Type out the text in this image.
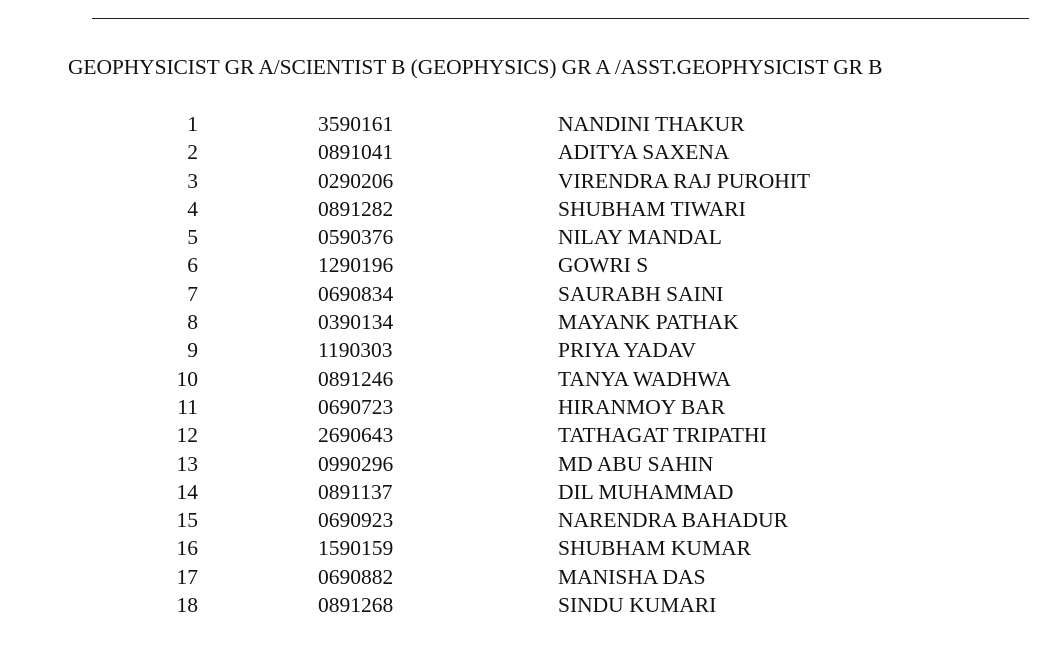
GEOPHYSICIST GR A/SCIENTIST B (GEOPHYSICS) GR A /ASST.GEOPHYSICIST GR B
1	3590161	NANDINI THAKUR
2	0891041	ADITYA SAXENA
3	0290206	VIRENDRA RAJ PUROHIT
4	0891282	SHUBHAM TIWARI
5	0590376	NILAY MANDAL
6	1290196	GOWRI S
7	0690834	SAURABH SAINI
8	0390134	MAYANK PATHAK
9	1190303	PRIYA YADAV
10	0891246	TANYA WADHWA
11	0690723	HIRANMOY BAR
12	2690643	TATHAGAT TRIPATHI
13	0990296	MD ABU SAHIN
14	0891137	DIL MUHAMMAD
15	0690923	NARENDRA BAHADUR
16	1590159	SHUBHAM KUMAR
17	0690882	MANISHA DAS
18	0891268	SINDU KUMARI
